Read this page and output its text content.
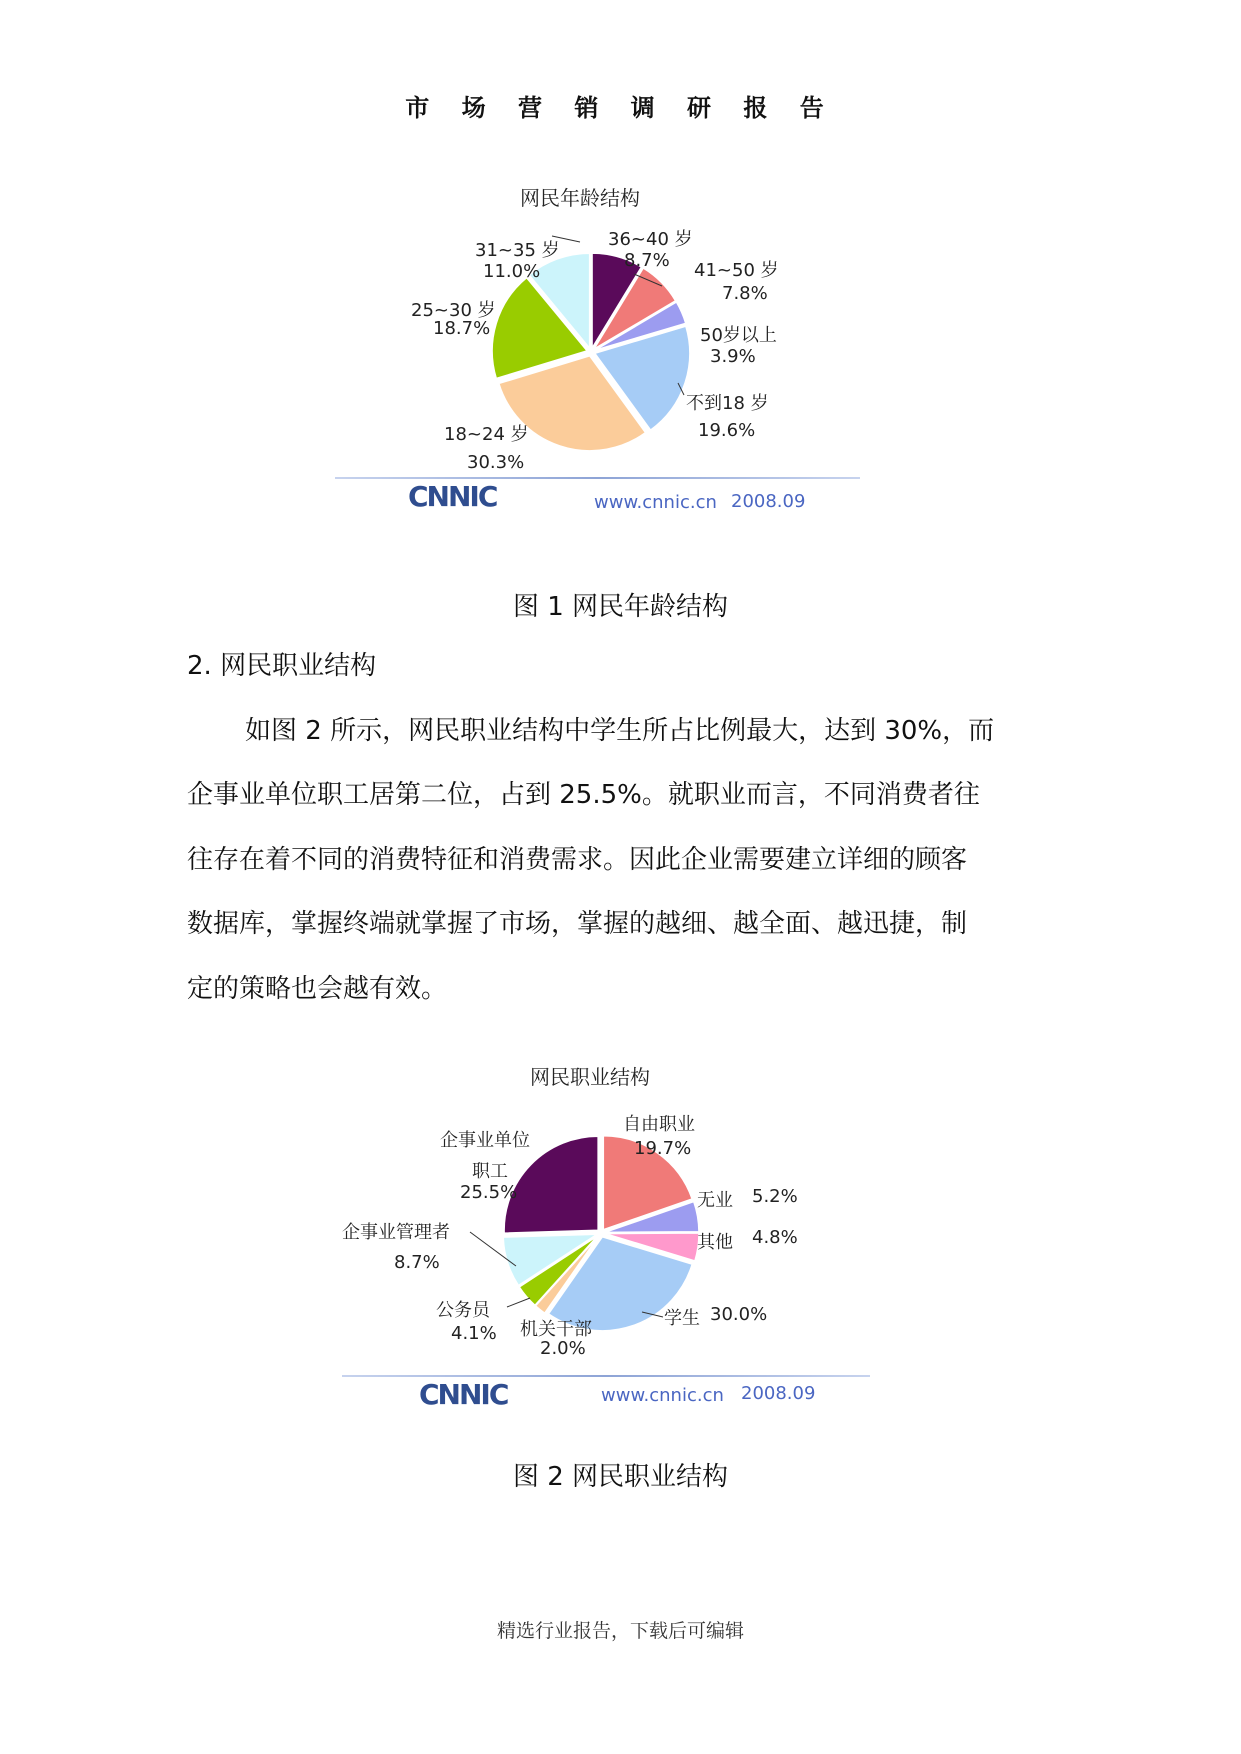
市 场 营 销 调 研 报 告
网民年龄结构
31~35 岁
11.0%
36~40 岁
8.7% 41~50 岁
7.8%
50岁以上
3.9%
不到18 岁
19.6%
18~24 岁
30.3%
25~30 岁
18.7%
CNNIC	www.cnnic.cn 2008.09
图 1 网民年龄结构
2. 网民职业结构
如图 2 所示，网民职业结构中学生所占比例最大，达到 30%，而
企事业单位职工居第二位，占到 25.5%。就职业而言，不同消费者往
往存在着不同的消费特征和消费需求。因此企业需要建立详细的顾客
数据库，掌握终端就掌握了市场，掌握的越细、越全面、越迅捷，制
定的策略也会越有效。
网民职业结构
自由职业
19.7%
无业 5.2%
其他 4.8%
学生 30.0%
机关干部
2.0%
公务员
4.1%
企事业管理者
8.7%
企事业单位
职工
25.5%
CNNIC	www.cnnic.cn 2008.09
图 2 网民职业结构
精选行业报告，下载后可编辑
